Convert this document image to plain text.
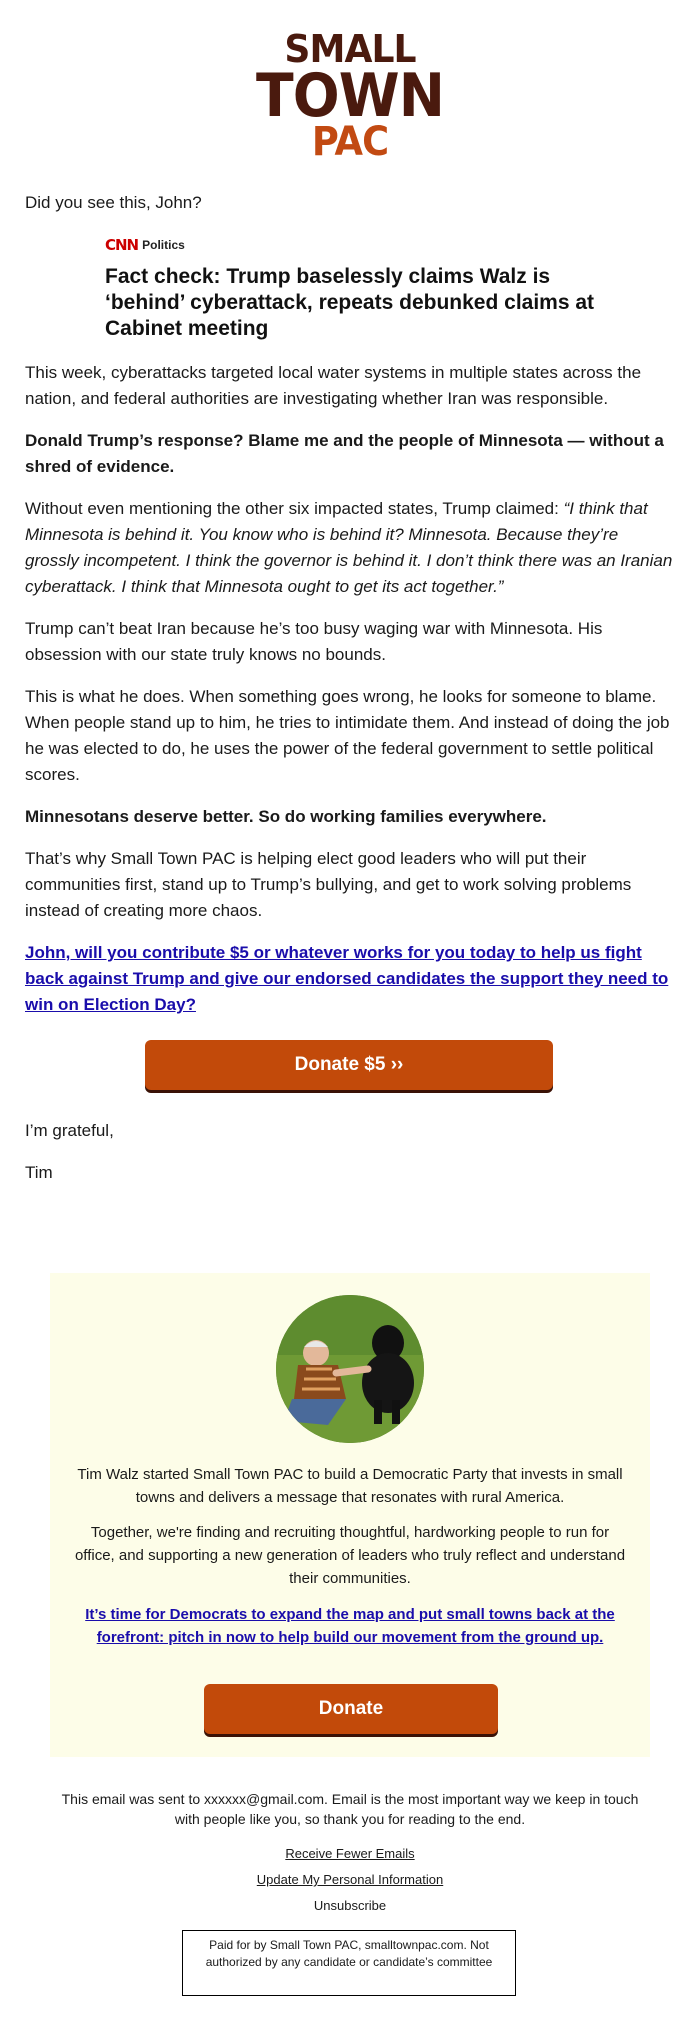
SMALL
TOWN
PAC

Did you see this, John?

CNN Politics
Fact check: Trump baselessly claims Walz is ‘behind’ cyberattack, repeats debunked claims at Cabinet meeting

This week, cyberattacks targeted local water systems in multiple states across the nation, and federal authorities are investigating whether Iran was responsible.

Donald Trump’s response? Blame me and the people of Minnesota — without a shred of evidence.

Without even mentioning the other six impacted states, Trump claimed: “I think that Minnesota is behind it. You know who is behind it? Minnesota. Because they’re grossly incompetent. I think the governor is behind it. I don’t think there was an Iranian cyberattack. I think that Minnesota ought to get its act together.”

Trump can’t beat Iran because he’s too busy waging war with Minnesota. His obsession with our state truly knows no bounds.

This is what he does. When something goes wrong, he looks for someone to blame. When people stand up to him, he tries to intimidate them. And instead of doing the job he was elected to do, he uses the power of the federal government to settle political scores.

Minnesotans deserve better. So do working families everywhere.

That’s why Small Town PAC is helping elect good leaders who will put their communities first, stand up to Trump’s bullying, and get to work solving problems instead of creating more chaos.

John, will you contribute $5 or whatever works for you today to help us fight back against Trump and give our endorsed candidates the support they need to win on Election Day?

Donate $5 ››

I’m grateful,

Tim

Tim Walz started Small Town PAC to build a Democratic Party that invests in small towns and delivers a message that resonates with rural America.

Together, we're finding and recruiting thoughtful, hardworking people to run for office, and supporting a new generation of leaders who truly reflect and understand their communities.

It’s time for Democrats to expand the map and put small towns back at the forefront: pitch in now to help build our movement from the ground up.

Donate

This email was sent to xxxxxx@gmail.com. Email is the most important way we keep in touch with people like you, so thank you for reading to the end.

Receive Fewer Emails
Update My Personal Information
Unsubscribe
Paid for by Small Town PAC, smalltownpac.com. Not authorized by any candidate or candidate’s committee
